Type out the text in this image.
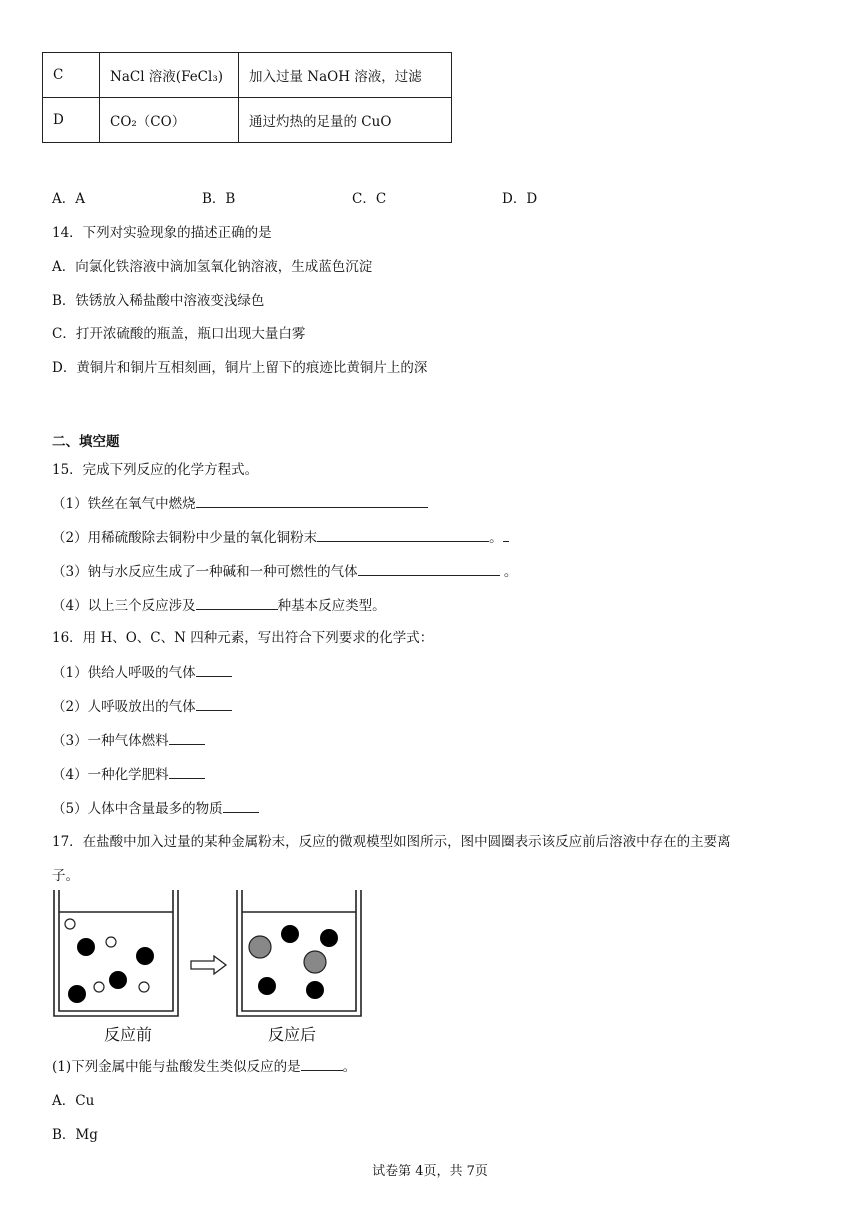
C	NaCl 溶液(FeCl₃)	加入过量 NaOH 溶液，过滤
D	CO₂（CO）	通过灼热的足量的 CuO
A．A	B．B	C．C	D．D
14．下列对实验现象的描述正确的是
A．向氯化铁溶液中滴加氢氧化钠溶液，生成蓝色沉淀
B．铁锈放入稀盐酸中溶液变浅绿色
C．打开浓硫酸的瓶盖，瓶口出现大量白雾
D．黄铜片和铜片互相刻画，铜片上留下的痕迹比黄铜片上的深
二、填空题
15．完成下列反应的化学方程式。
（1）铁丝在氧气中燃烧
（2）用稀硫酸除去铜粉中少量的氧化铜粉末	。
（3）钠与水反应生成了一种碱和一种可燃性的气体	。
（4）以上三个反应涉及	种基本反应类型。
16．用 H、O、C、N 四种元素，写出符合下列要求的化学式：
（1）供给人呼吸的气体
（2）人呼吸放出的气体
（3）一种气体燃料
（4）一种化学肥料
（5）人体中含量最多的物质
17．在盐酸中加入过量的某种金属粉末，反应的微观模型如图所示，图中圆圈表示该反应前后溶液中存在的主要离
子。
反应前	反应后
(1)下列金属中能与盐酸发生类似反应的是	。
A．Cu
B．Mg
试卷第 4页，共 7页
